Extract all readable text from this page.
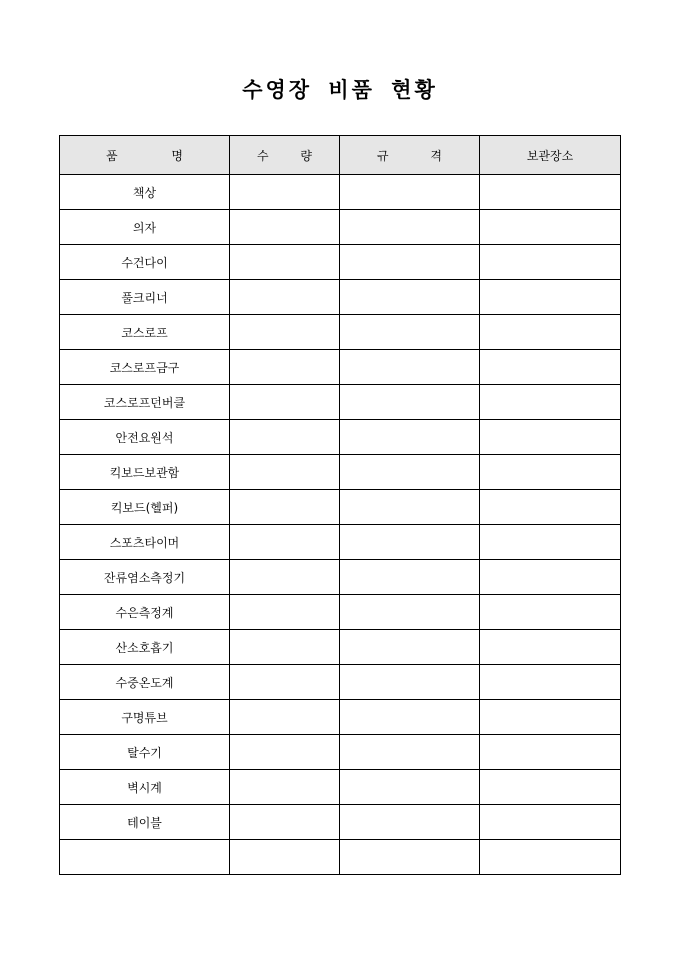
수영장 비품 현황
품 명	수 량	규 격	보관장소
책상			
의자			
수건다이			
풀크리너			
코스로프			
코스로프금구			
코스로프던버클			
안전요원석			
킥보드보관함			
킥보드(헬퍼)			
스포츠타이머			
잔류염소측정기			
수은측정계			
산소호흡기			
수중온도계			
구명튜브			
탈수기			
벽시계			
테이블			
